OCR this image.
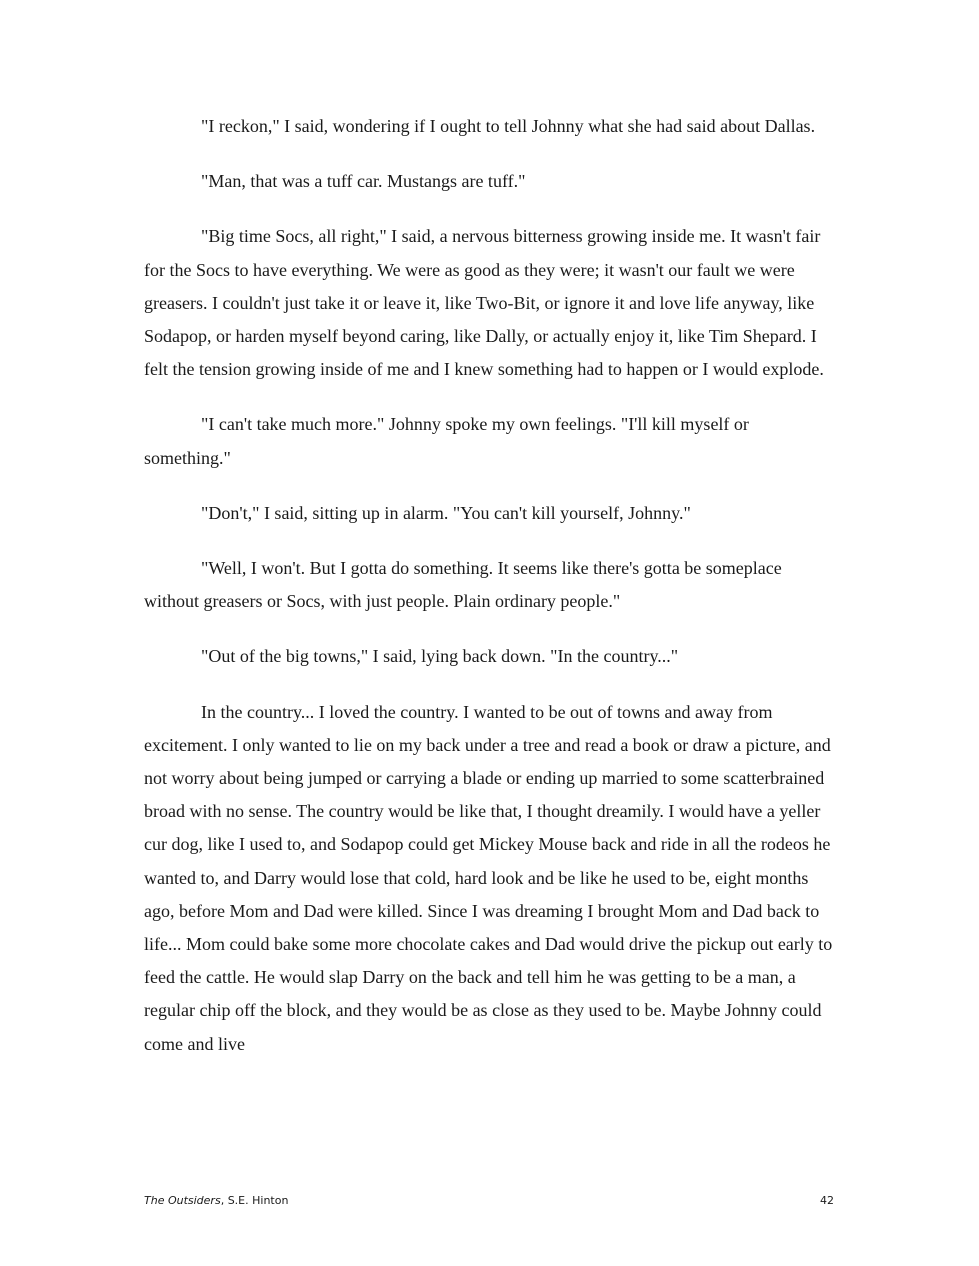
"I reckon," I said, wondering if I ought to tell Johnny what she had said about Dallas.

"Man, that was a tuff car. Mustangs are tuff."

"Big time Socs, all right," I said, a nervous bitterness growing inside me. It wasn't fair for the Socs to have everything. We were as good as they were; it wasn't our fault we were greasers. I couldn't just take it or leave it, like Two-Bit, or ignore it and love life anyway, like Sodapop, or harden myself beyond caring, like Dally, or actually enjoy it, like Tim Shepard. I felt the tension growing inside of me and I knew something had to happen or I would explode.

"I can't take much more." Johnny spoke my own feelings. "I'll kill myself or something."

"Don't," I said, sitting up in alarm. "You can't kill yourself, Johnny."

"Well, I won't. But I gotta do something. It seems like there's gotta be someplace without greasers or Socs, with just people. Plain ordinary people."

"Out of the big towns," I said, lying back down. "In the country..."

In the country... I loved the country. I wanted to be out of towns and away from excitement. I only wanted to lie on my back under a tree and read a book or draw a picture, and not worry about being jumped or carrying a blade or ending up married to some scatterbrained broad with no sense. The country would be like that, I thought dreamily. I would have a yeller cur dog, like I used to, and Sodapop could get Mickey Mouse back and ride in all the rodeos he wanted to, and Darry would lose that cold, hard look and be like he used to be, eight months ago, before Mom and Dad were killed. Since I was dreaming I brought Mom and Dad back to life... Mom could bake some more chocolate cakes and Dad would drive the pickup out early to feed the cattle. He would slap Darry on the back and tell him he was getting to be a man, a regular chip off the block, and they would be as close as they used to be. Maybe Johnny could come and live

The Outsiders, S.E. Hinton	42
